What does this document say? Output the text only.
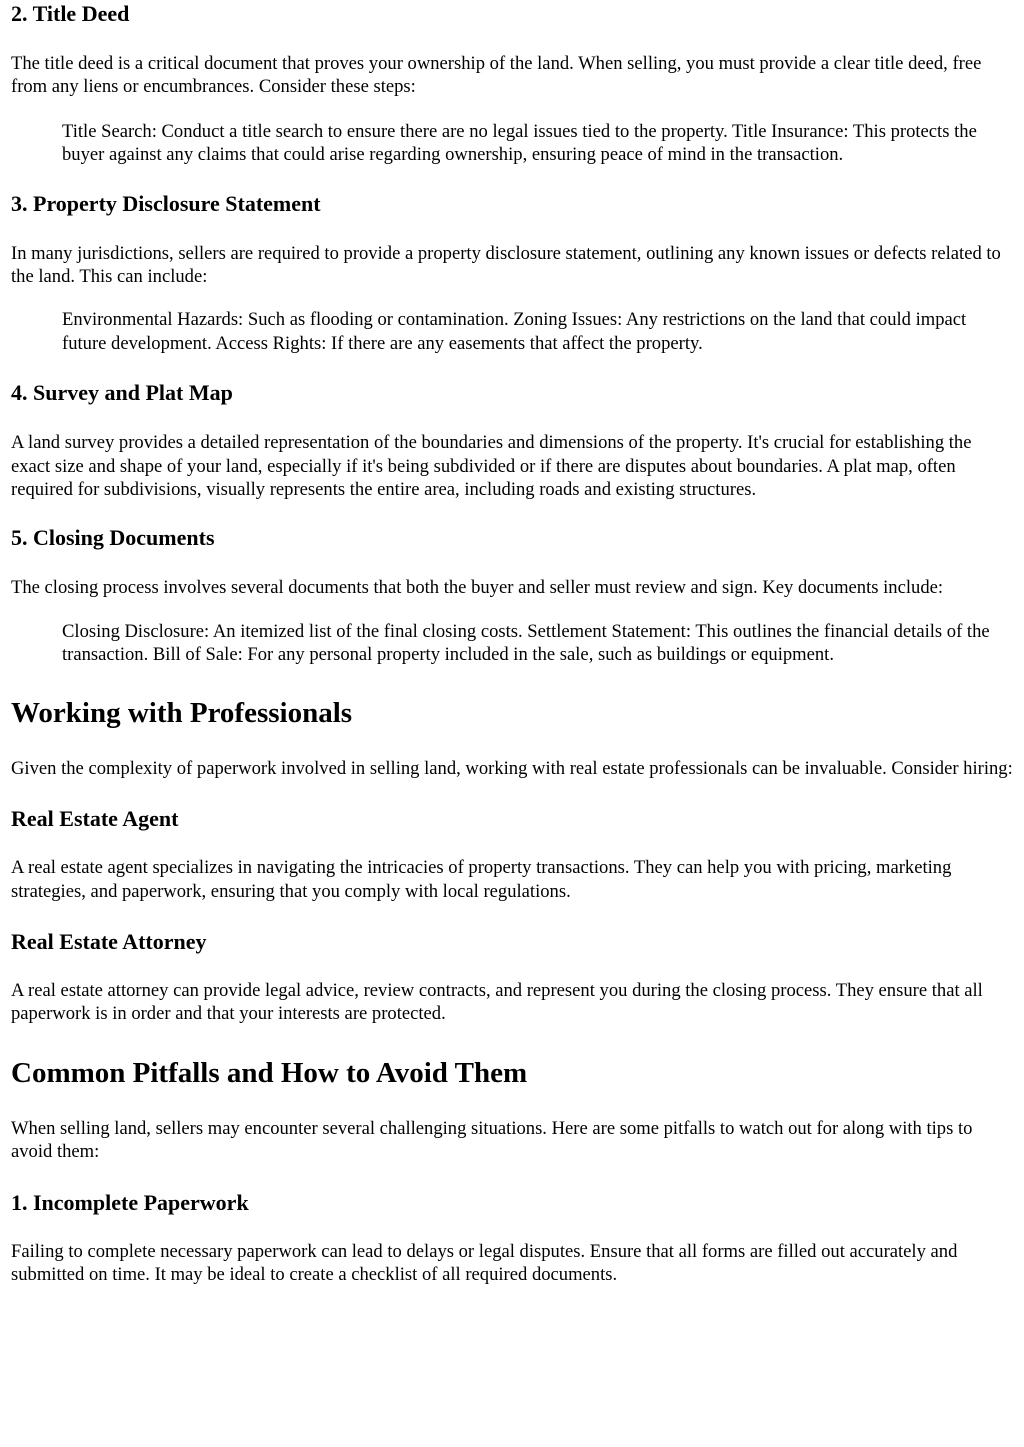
2. Title Deed

The title deed is a critical document that proves your ownership of the land. When selling, you must provide a clear title deed, free from any liens or encumbrances. Consider these steps:

Title Search: Conduct a title search to ensure there are no legal issues tied to the property. Title Insurance: This protects the buyer against any claims that could arise regarding ownership, ensuring peace of mind in the transaction.
3. Property Disclosure Statement

In many jurisdictions, sellers are required to provide a property disclosure statement, outlining any known issues or defects related to the land. This can include:

Environmental Hazards: Such as flooding or contamination. Zoning Issues: Any restrictions on the land that could impact future development. Access Rights: If there are any easements that affect the property.
4. Survey and Plat Map

A land survey provides a detailed representation of the boundaries and dimensions of the property. It's crucial for establishing the exact size and shape of your land, especially if it's being subdivided or if there are disputes about boundaries. A plat map, often required for subdivisions, visually represents the entire area, including roads and existing structures.

5. Closing Documents

The closing process involves several documents that both the buyer and seller must review and sign. Key documents include:

Closing Disclosure: An itemized list of the final closing costs. Settlement Statement: This outlines the financial details of the transaction. Bill of Sale: For any personal property included in the sale, such as buildings or equipment.
Working with Professionals

Given the complexity of paperwork involved in selling land, working with real estate professionals can be invaluable. Consider hiring:

Real Estate Agent

A real estate agent specializes in navigating the intricacies of property transactions. They can help you with pricing, marketing strategies, and paperwork, ensuring that you comply with local regulations.

Real Estate Attorney

A real estate attorney can provide legal advice, review contracts, and represent you during the closing process. They ensure that all paperwork is in order and that your interests are protected.

Common Pitfalls and How to Avoid Them

When selling land, sellers may encounter several challenging situations. Here are some pitfalls to watch out for along with tips to avoid them:

1. Incomplete Paperwork

Failing to complete necessary paperwork can lead to delays or legal disputes. Ensure that all forms are filled out accurately and submitted on time. It may be ideal to create a checklist of all required documents.
